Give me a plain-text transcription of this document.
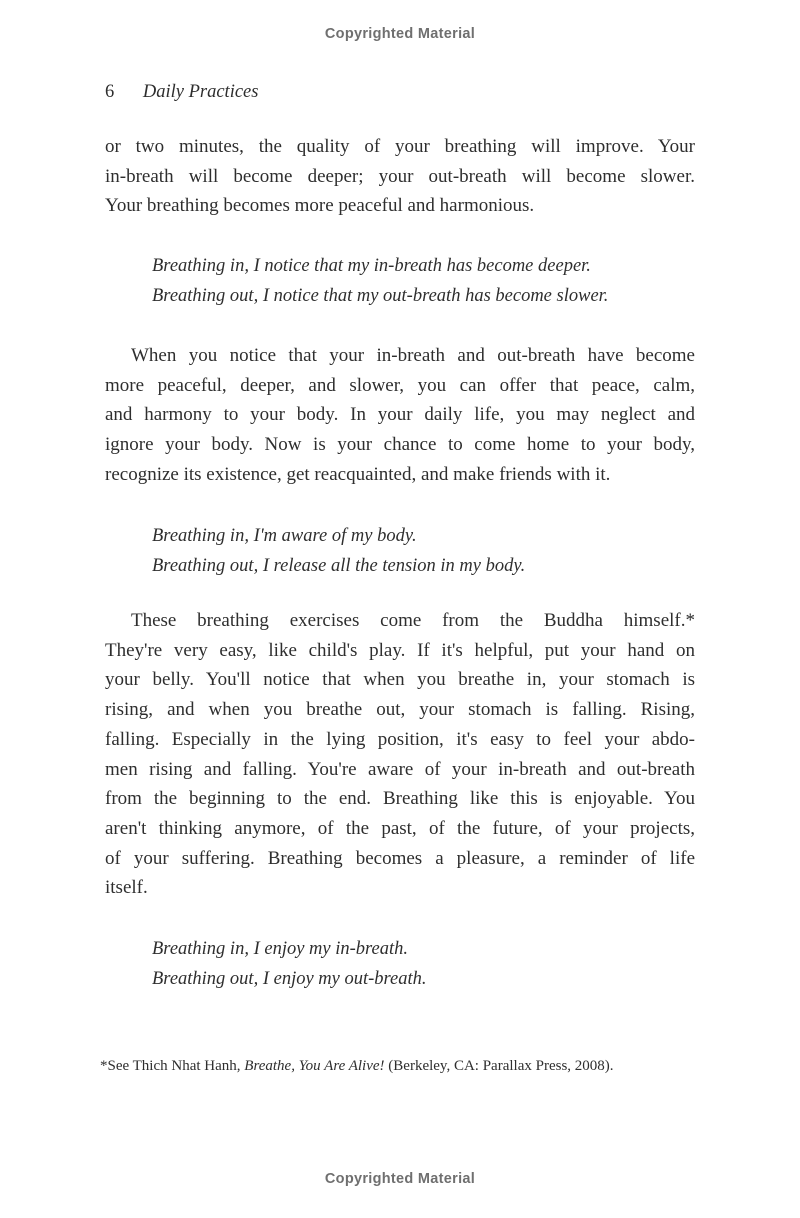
Copyrighted Material
6 Daily Practices
or two minutes, the quality of your breathing will improve. Your
in-breath will become deeper; your out-breath will become slower.
Your breathing becomes more peaceful and harmonious.
Breathing in, I notice that my in-breath has become deeper.
Breathing out, I notice that my out-breath has become slower.
When you notice that your in-breath and out-breath have become
more peaceful, deeper, and slower, you can offer that peace, calm,
and harmony to your body. In your daily life, you may neglect and
ignore your body. Now is your chance to come home to your body,
recognize its existence, get reacquainted, and make friends with it.
Breathing in, I'm aware of my body.
Breathing out, I release all the tension in my body.
These breathing exercises come from the Buddha himself.*
They're very easy, like child's play. If it's helpful, put your hand on
your belly. You'll notice that when you breathe in, your stomach is
rising, and when you breathe out, your stomach is falling. Rising,
falling. Especially in the lying position, it's easy to feel your abdo-
men rising and falling. You're aware of your in-breath and out-breath
from the beginning to the end. Breathing like this is enjoyable. You
aren't thinking anymore, of the past, of the future, of your projects,
of your suffering. Breathing becomes a pleasure, a reminder of life
itself.
Breathing in, I enjoy my in-breath.
Breathing out, I enjoy my out-breath.
*See Thich Nhat Hanh, Breathe, You Are Alive! (Berkeley, CA: Parallax Press, 2008).
Copyrighted Material
